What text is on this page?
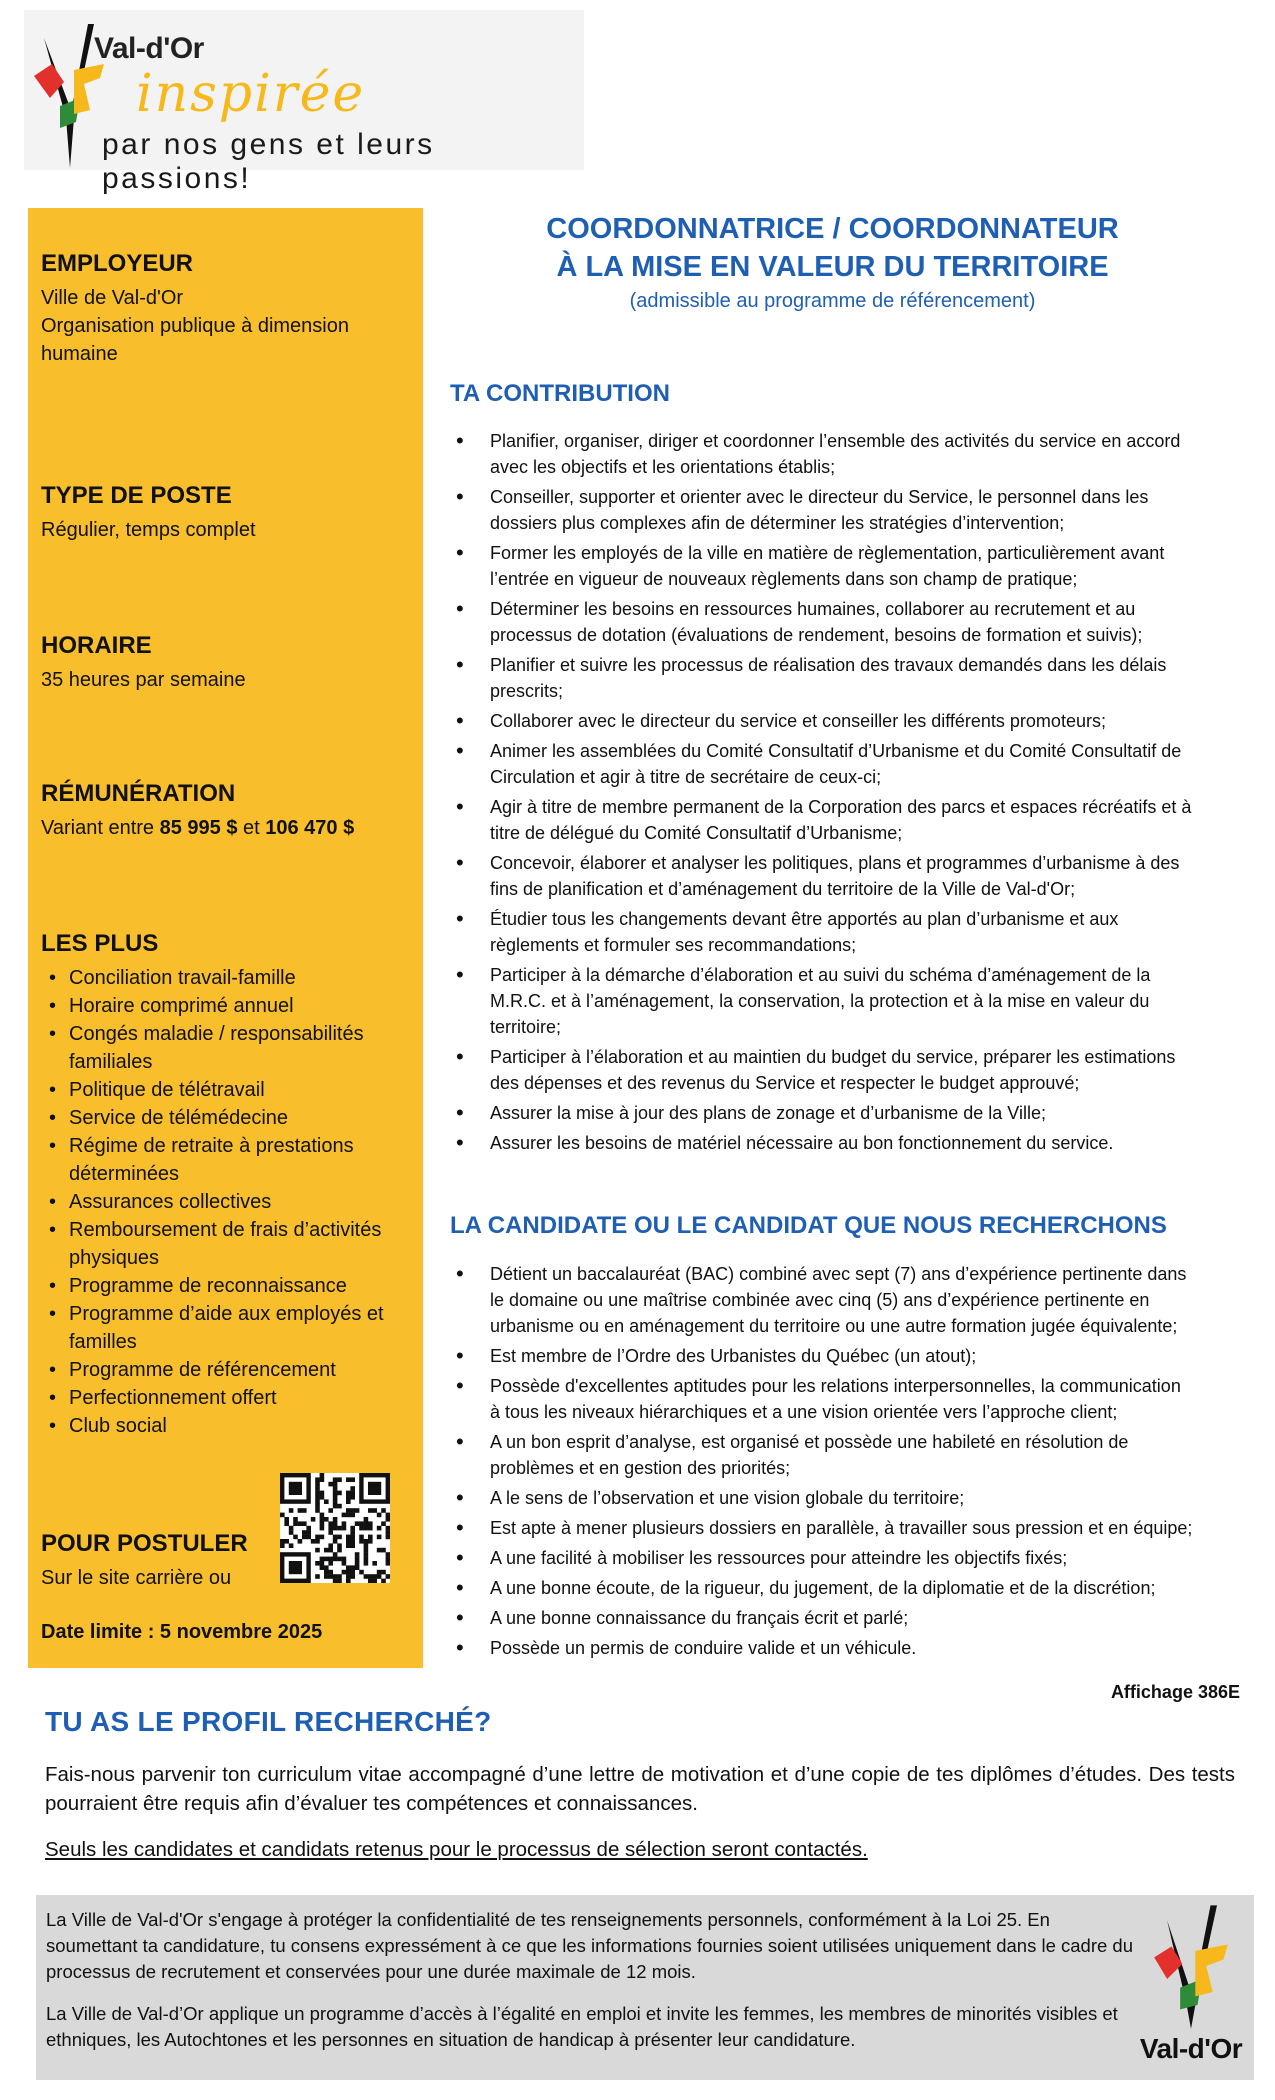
Val-d'Or
inspirée
par nos gens et leurs passions!
EMPLOYEUR

Ville de Val-d'Or

Organisation publique à dimension

humaine

TYPE DE POSTE

Régulier, temps complet

HORAIRE

35 heures par semaine

RÉMUNÉRATION

Variant entre 85 995 $ et 106 470 $

LES PLUS
• Conciliation travail-famille
• Horaire comprimé annuel
• Congés maladie / responsabilités
familiales
• Politique de télétravail
• Service de télémédecine
• Régime de retraite à prestations
déterminées
• Assurances collectives
• Remboursement de frais d’activités
physiques
• Programme de reconnaissance
• Programme d’aide aux employés et
familles
• Programme de référencement
• Perfectionnement offert
• Club social
POUR POSTULER

Sur le site carrière ou

Date limite : 5 novembre 2025

COORDONNATRICE / COORDONNATEUR
À LA MISE EN VALEUR DU TERRITOIRE
(admissible au programme de référencement)
TA CONTRIBUTION
• Planifier, organiser, diriger et coordonner l’ensemble des activités du service en accord
avec les objectifs et les orientations établis;
• Conseiller, supporter et orienter avec le directeur du Service, le personnel dans les
dossiers plus complexes afin de déterminer les stratégies d’intervention;
• Former les employés de la ville en matière de règlementation, particulièrement avant
l’entrée en vigueur de nouveaux règlements dans son champ de pratique;
• Déterminer les besoins en ressources humaines, collaborer au recrutement et au
processus de dotation (évaluations de rendement, besoins de formation et suivis);
• Planifier et suivre les processus de réalisation des travaux demandés dans les délais
prescrits;
• Collaborer avec le directeur du service et conseiller les différents promoteurs;
• Animer les assemblées du Comité Consultatif d’Urbanisme et du Comité Consultatif de
Circulation et agir à titre de secrétaire de ceux-ci;
• Agir à titre de membre permanent de la Corporation des parcs et espaces récréatifs et à
titre de délégué du Comité Consultatif d’Urbanisme;
• Concevoir, élaborer et analyser les politiques, plans et programmes d’urbanisme à des
fins de planification et d’aménagement du territoire de la Ville de Val-d'Or;
• Étudier tous les changements devant être apportés au plan d’urbanisme et aux
règlements et formuler ses recommandations;
• Participer à la démarche d’élaboration et au suivi du schéma d’aménagement de la
M.R.C. et à l’aménagement, la conservation, la protection et à la mise en valeur du
territoire;
• Participer à l’élaboration et au maintien du budget du service, préparer les estimations
des dépenses et des revenus du Service et respecter le budget approuvé;
• Assurer la mise à jour des plans de zonage et d’urbanisme de la Ville;
• Assurer les besoins de matériel nécessaire au bon fonctionnement du service.
LA CANDIDATE OU LE CANDIDAT QUE NOUS RECHERCHONS
• Détient un baccalauréat (BAC) combiné avec sept (7) ans d’expérience pertinente dans
le domaine ou une maîtrise combinée avec cinq (5) ans d’expérience pertinente en
urbanisme ou en aménagement du territoire ou une autre formation jugée équivalente;
• Est membre de l’Ordre des Urbanistes du Québec (un atout);
• Possède d'excellentes aptitudes pour les relations interpersonnelles, la communication
à tous les niveaux hiérarchiques et a une vision orientée vers l’approche client;
• A un bon esprit d’analyse, est organisé et possède une habileté en résolution de
problèmes et en gestion des priorités;
• A le sens de l’observation et une vision globale du territoire;
• Est apte à mener plusieurs dossiers en parallèle, à travailler sous pression et en équipe;
• A une facilité à mobiliser les ressources pour atteindre les objectifs fixés;
• A une bonne écoute, de la rigueur, du jugement, de la diplomatie et de la discrétion;
• A une bonne connaissance du français écrit et parlé;
• Possède un permis de conduire valide et un véhicule.
Affichage 386E
TU AS LE PROFIL RECHERCHÉ?

Fais-nous parvenir ton curriculum vitae accompagné d’une lettre de motivation et d’une copie de tes diplômes d’études. Des tests pourraient être requis afin d’évaluer tes compétences et connaissances.

Seuls les candidates et candidats retenus pour le processus de sélection seront contactés.

La Ville de Val-d'Or s'engage à protéger la confidentialité de tes renseignements personnels, conformément à la Loi 25. En soumettant ta candidature, tu consens expressément à ce que les informations fournies soient utilisées uniquement dans le cadre du processus de recrutement et conservées pour une durée maximale de 12 mois.

La Ville de Val-d’Or applique un programme d’accès à l’égalité en emploi et invite les femmes, les membres de minorités visibles et ethniques, les Autochtones et les personnes en situation de handicap à présenter leur candidature.	Val-d'Or
